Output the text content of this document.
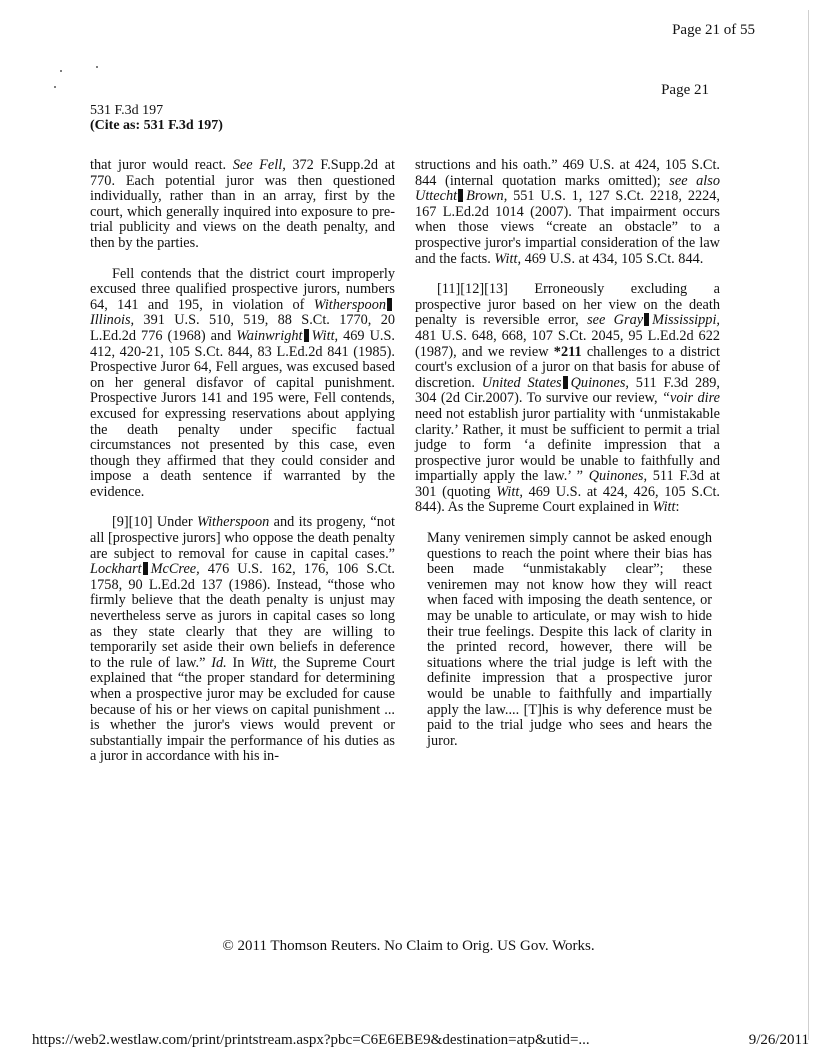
Page 21 of 55
Page 21
531 F.3d 197
(Cite as: 531 F.3d 197)

that juror would react. See Fell, 372 F.Supp.2d at 770. Each potential juror was then questioned individually, rather than in an array, first by the court, which generally inquired into exposure to pre-trial publicity and views on the death penalty, and then by the parties.

Fell contends that the district court improperly excused three qualified prospective jurors, numbers 64, 141 and 195, in violation of WitherspoonIllinois, 391 U.S. 510, 519, 88 S.Ct. 1770, 20 L.Ed.2d 776 (1968) and Wainwright Witt, 469 U.S. 412, 420-21, 105 S.Ct. 844, 83 L.Ed.2d 841 (1985). Prospective Juror 64, Fell argues, was excused based on her general disfavor of capital punishment. Prospective Jurors 141 and 195 were, Fell contends, excused for expressing reservations about applying the death penalty under specific factual circumstances not presented by this case, even though they affirmed that they could consider and impose a death sentence if warranted by the evidence.

[9][10] Under Witherspoon and its progeny, “not all [prospective jurors] who oppose the death penalty are subject to removal for cause in capital cases.” Lockhart McCree, 476 U.S. 162, 176, 106 S.Ct. 1758, 90 L.Ed.2d 137 (1986). Instead, “those who firmly believe that the death penalty is unjust may nevertheless serve as jurors in capital cases so long as they state clearly that they are willing to temporarily set aside their own beliefs in deference to the rule of law.” Id. In Witt, the Supreme Court explained that “the proper standard for determining when a prospective juror may be excluded for cause because of his or her views on capital punishment ... is whether the juror's views would prevent or substantially impair the performance of his duties as a juror in accordance with his in-

structions and his oath.” 469 U.S. at 424, 105 S.Ct. 844 (internal quotation marks omitted); see also Uttecht Brown, 551 U.S. 1, 127 S.Ct. 2218, 2224, 167 L.Ed.2d 1014 (2007). That impairment occurs when those views “create an obstacle” to a prospective juror's impartial consideration of the law and the facts. Witt, 469 U.S. at 434, 105 S.Ct. 844.

[11][12][13] Erroneously excluding a prospective juror based on her view on the death penalty is reversible error, see Gray Mississippi, 481 U.S. 648, 668, 107 S.Ct. 2045, 95 L.Ed.2d 622 (1987), and we review *211 challenges to a district court's exclusion of a juror on that basis for abuse of discretion. United States Quinones, 511 F.3d 289, 304 (2d Cir.2007). To survive our review, “voir dire need not establish juror partiality with ‘unmistakable clarity.’ Rather, it must be sufficient to permit a trial judge to form ‘a definite impression that a prospective juror would be unable to faithfully and impartially apply the law.’ ” Quinones, 511 F.3d at 301 (quoting Witt, 469 U.S. at 424, 426, 105 S.Ct. 844). As the Supreme Court explained in Witt:

Many veniremen simply cannot be asked enough questions to reach the point where their bias has been made “unmistakably clear”; these veniremen may not know how they will react when faced with imposing the death sentence, or may be unable to articulate, or may wish to hide their true feelings. Despite this lack of clarity in the printed record, however, there will be situations where the trial judge is left with the definite impression that a prospective juror would be unable to faithfully and impartially apply the law.... [T]his is why deference must be paid to the trial judge who sees and hears the juror.

© 2011 Thomson Reuters. No Claim to Orig. US Gov. Works.
https://web2.westlaw.com/print/printstream.aspx?pbc=C6E6EBE9&destination=atp&utid=...	9/26/2011
